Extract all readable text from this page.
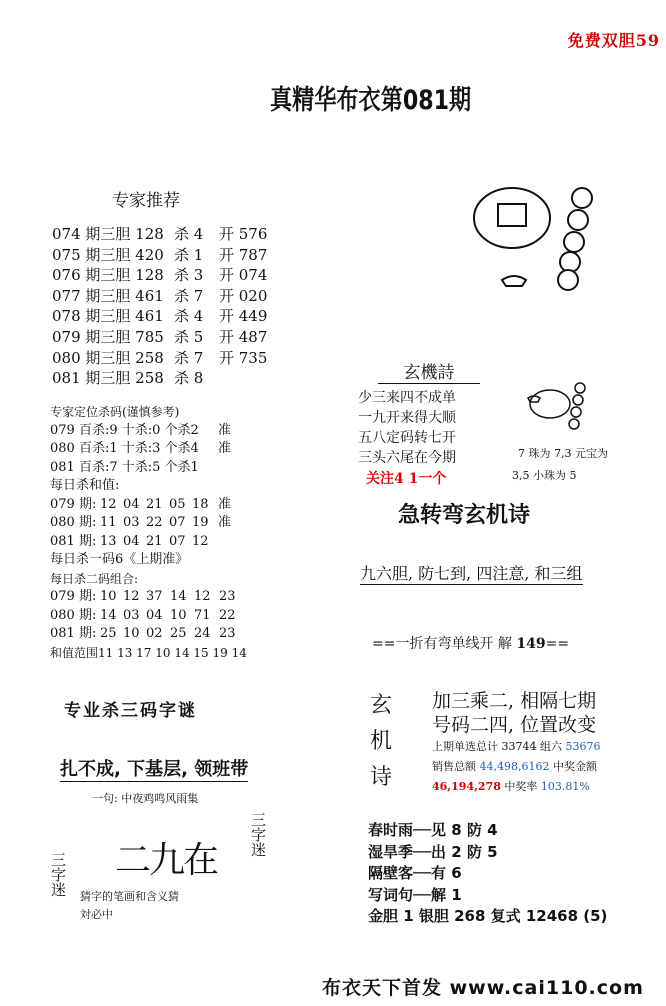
免费双胆59
真精华布衣第081期
专家推荐
074 期三胆 128 杀 4	开 576
075 期三胆 420 杀 1	开 787
076 期三胆 128 杀 3	开 074
077 期三胆 461 杀 7	开 020
078 期三胆 461 杀 4	开 449
079 期三胆 785 杀 5	开 487
080 期三胆 258 杀 7	开 735
081 期三胆 258 杀 8
专家定位杀码(谨慎参考)
079 百杀:9 十杀:0 个杀2	准
080 百杀:1 十杀:3 个杀4	准
081 百杀:7 十杀:5 个杀1
每日杀和值:
079 期: 12 04 21 05 18 准
080 期: 11 03 22 07 19 准
081 期: 13 04 21 07 12
每日杀一码6《上期准》
每日杀二码组合:
079 期: 10 12 37 14 12 23
080 期: 14 03 04 10 71 22
081 期: 25 10 02 25 24 23
和值范围11 13 17 10 14 15 19 14
专业杀三码字谜
扎不成, 下基层, 领班带
一句: 中夜鸡鸣风雨集
二九在
三字迷
三字迷 猜字的笔画和含义猜
対必中
玄機詩
少三来四不成单
一九开来得大顺
五八定码转七开
三头六尾在今期
关注4 1一个
7 珠为 7,3 元宝为
3,5 小珠为 5
急转弯玄机诗
九六胆, 防七到, 四注意, 和三组
==一折有弯单线开 解 149==
玄
机
诗
加三乘二, 相隔七期
号码二四, 位置改变
上期单选总计 33744 组六 53676
销售总额 44,498,6162 中奖金额
46,194,278 中奖率 103.81%
春时雨──见 8 防 4
湿旱季──出 2 防 5
隔壁客──有 6
写词句──解 1
金胆 1 银胆 268 复式 12468 (5)
布衣天下首发 www.cai110.com
